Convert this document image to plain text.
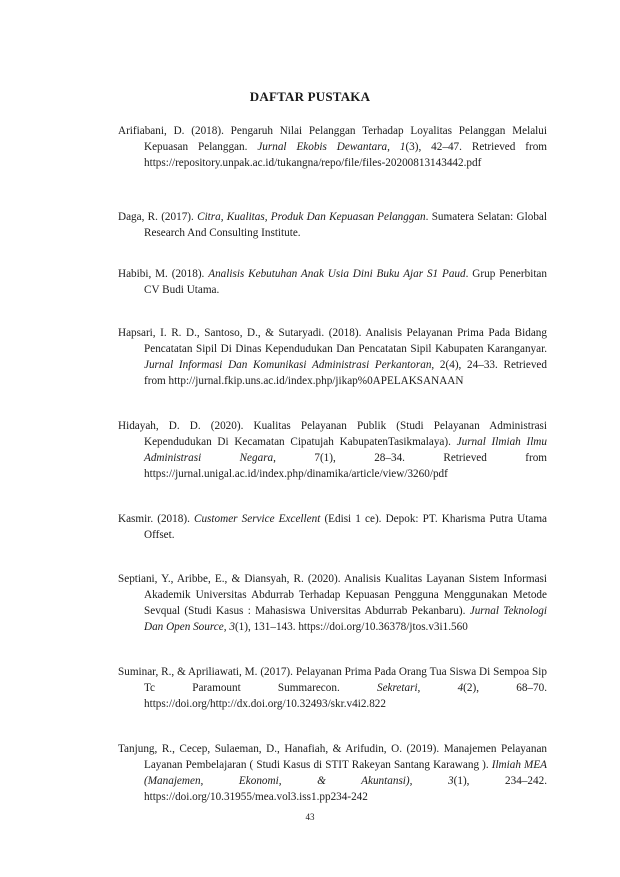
DAFTAR PUSTAKA

Arifiabani, D. (2018). Pengaruh Nilai Pelanggan Terhadap Loyalitas Pelanggan Melalui Kepuasan Pelanggan. Jurnal Ekobis Dewantara, 1(3), 42–47. Retrieved from https://repository.unpak.ac.id/tukangna/repo/file/files-20200813143442.pdf

Daga, R. (2017). Citra, Kualitas, Produk Dan Kepuasan Pelanggan. Sumatera Selatan: Global Research And Consulting Institute.

Habibi, M. (2018). Analisis Kebutuhan Anak Usia Dini Buku Ajar S1 Paud. Grup Penerbitan CV Budi Utama.

Hapsari, I. R. D., Santoso, D., & Sutaryadi. (2018). Analisis Pelayanan Prima Pada Bidang Pencatatan Sipil Di Dinas Kependudukan Dan Pencatatan Sipil Kabupaten Karanganyar. Jurnal Informasi Dan Komunikasi Administrasi Perkantoran, 2(4), 24–33. Retrieved from http://jurnal.fkip.uns.ac.id/index.php/jikap%0APELAKSANAAN

Hidayah, D. D. (2020). Kualitas Pelayanan Publik (Studi Pelayanan Administrasi Kependudukan Di Kecamatan Cipatujah KabupatenTasikmalaya). Jurnal Ilmiah Ilmu Administrasi Negara, 7(1), 28–34. Retrieved from https://jurnal.unigal.ac.id/index.php/dinamika/article/view/3260/pdf

Kasmir. (2018). Customer Service Excellent (Edisi 1 ce). Depok: PT. Kharisma Putra Utama Offset.

Septiani, Y., Aribbe, E., & Diansyah, R. (2020). Analisis Kualitas Layanan Sistem Informasi Akademik Universitas Abdurrab Terhadap Kepuasan Pengguna Menggunakan Metode Sevqual (Studi Kasus : Mahasiswa Universitas Abdurrab Pekanbaru). Jurnal Teknologi Dan Open Source, 3(1), 131–143. https://doi.org/10.36378/jtos.v3i1.560

Suminar, R., & Apriliawati, M. (2017). Pelayanan Prima Pada Orang Tua Siswa Di Sempoa Sip Tc Paramount Summarecon. Sekretari, 4(2), 68–70. https://doi.org/http://dx.doi.org/10.32493/skr.v4i2.822

Tanjung, R., Cecep, Sulaeman, D., Hanafiah, & Arifudin, O. (2019). Manajemen Pelayanan Layanan Pembelajaran ( Studi Kasus di STIT Rakeyan Santang Karawang ). Ilmiah MEA (Manajemen, Ekonomi, & Akuntansi), 3(1), 234–242. https://doi.org/10.31955/mea.vol3.iss1.pp234-242

43
